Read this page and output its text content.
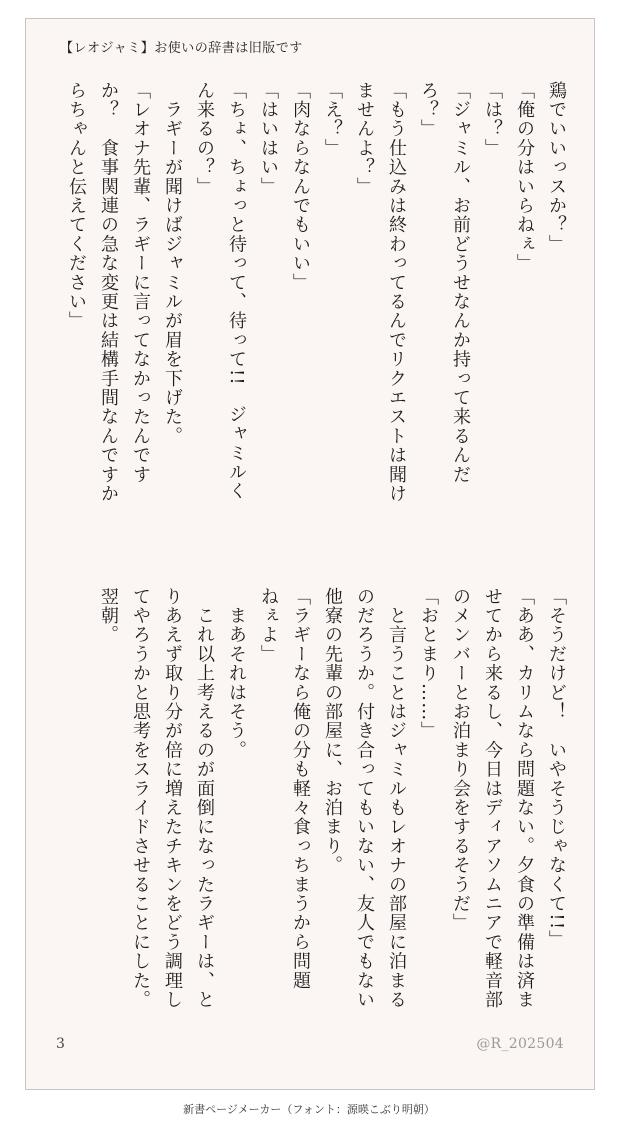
【レオジャミ】お使いの辞書は旧版です
鶏でいいっスか？」
「俺の分はいらねぇ」
「は？」
「ジャミル、お前どうせなんか持って来るんだ
ろ？」
「もう仕込みは終わってるんでリクエストは聞け
ませんよ？」
「え？」
「肉ならなんでもいい」
「はいはい」
「ちょ、ちょっと待って、待って!!　ジャミルく
ん来るの？」
　ラギーが聞けばジャミルが眉を下げた。
「レオナ先輩、ラギーに言ってなかったんです
か？　食事関連の急な変更は結構手間なんですか
らちゃんと伝えてください」
「そうだけど！　いやそうじゃなくて!!」
「ああ、カリムなら問題ない。夕食の準備は済ま
せてから来るし、今日はディアソムニアで軽音部
のメンバーとお泊まり会をするそうだ」
「おとまり……」
　と言うことはジャミルもレオナの部屋に泊まる
のだろうか。付き合ってもいない、友人でもない
他寮の先輩の部屋に、お泊まり。
「ラギーなら俺の分も軽々食っちまうから問題
ねぇよ」
　まあそれはそう。
　これ以上考えるのが面倒になったラギーは、と
りあえず取り分が倍に増えたチキンをどう調理し
てやろうかと思考をスライドさせることにした。
翌朝。
3	@R_202504
新書ページメーカー（フォント：源暎こぶり明朝）
